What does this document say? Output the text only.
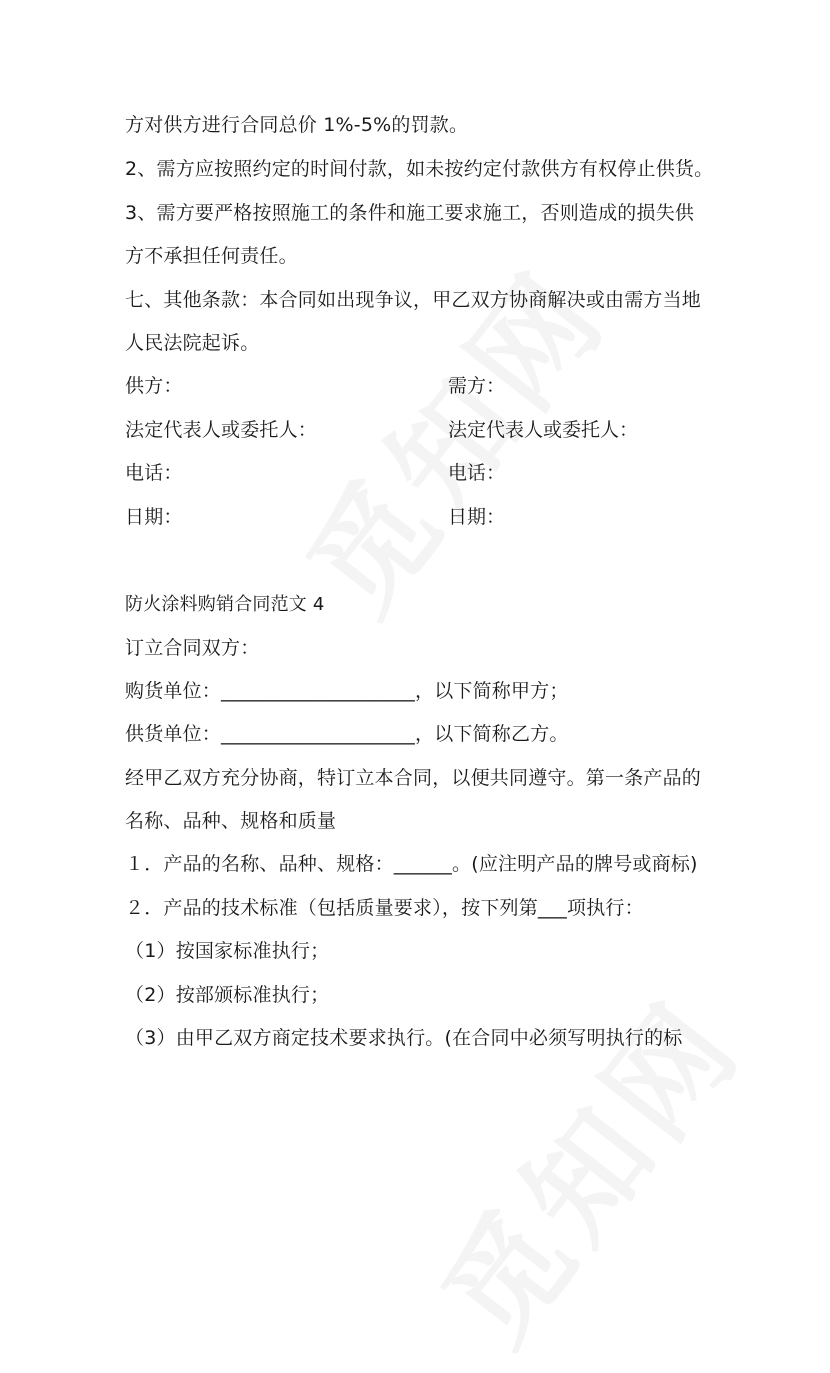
方对供方进行合同总价 1%-5%的罚款。
2、需方应按照约定的时间付款，如未按约定付款供方有权停止供货。
3、需方要严格按照施工的条件和施工要求施工，否则造成的损失供
方不承担任何责任。
七、其他条款：本合同如出现争议，甲乙双方协商解决或由需方当地
人民法院起诉。
供方：	需方：
法定代表人或委托人：	法定代表人或委托人：
电话：	电话：
日期：	日期：
防火涂料购销合同范文 4
订立合同双方：
购货单位：____________________，以下简称甲方；
供货单位：____________________，以下简称乙方。
经甲乙双方充分协商，特订立本合同，以便共同遵守。第一条产品的
名称、品种、规格和质量
１．产品的名称、品种、规格：______。(应注明产品的牌号或商标)
２．产品的技术标准（包括质量要求），按下列第___项执行：
（1）按国家标准执行；
（2）按部颁标准执行；
（3）由甲乙双方商定技术要求执行。(在合同中必须写明执行的标
